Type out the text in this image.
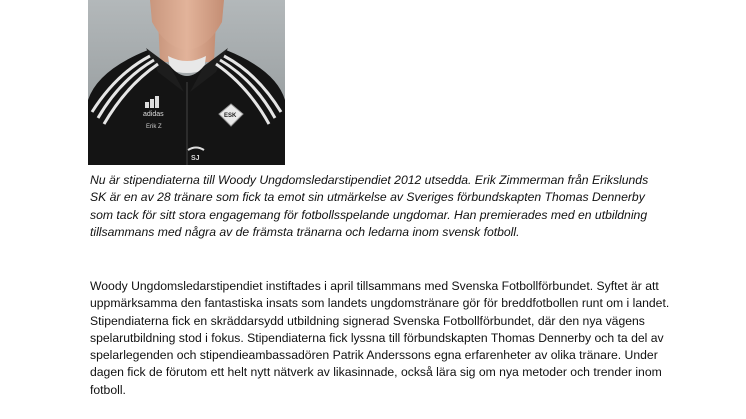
adidas
Erik Z
ESK
SJ

Nu är stipendiaterna till Woody Ungdomsledarstipendiet 2012 utsedda. Erik Zimmerman från Erikslunds SK är en av 28 tränare som fick ta emot sin utmärkelse av Sveriges förbundskapten Thomas Dennerby som tack för sitt stora engagemang för fotbollsspelande ungdomar. Han premierades med en utbildning tillsammans med några av de främsta tränarna och ledarna inom svensk fotboll.

Woody Ungdomsledarstipendiet instiftades i april tillsammans med Svenska Fotbollförbundet. Syftet är att uppmärksamma den fantastiska insats som landets ungdomstränare gör för breddfotbollen runt om i landet. Stipendiaterna fick en skräddarsydd utbildning signerad Svenska Fotbollförbundet, där den nya vägens spelarutbildning stod i fokus. Stipendiaterna fick lyssna till förbundskapten Thomas Dennerby och ta del av spelarlegenden och stipendieambassadören Patrik Anderssons egna erfarenheter av olika tränare. Under dagen fick de förutom ett helt nytt nätverk av likasinnade, också lära sig om nya metoder och trender inom fotboll.
